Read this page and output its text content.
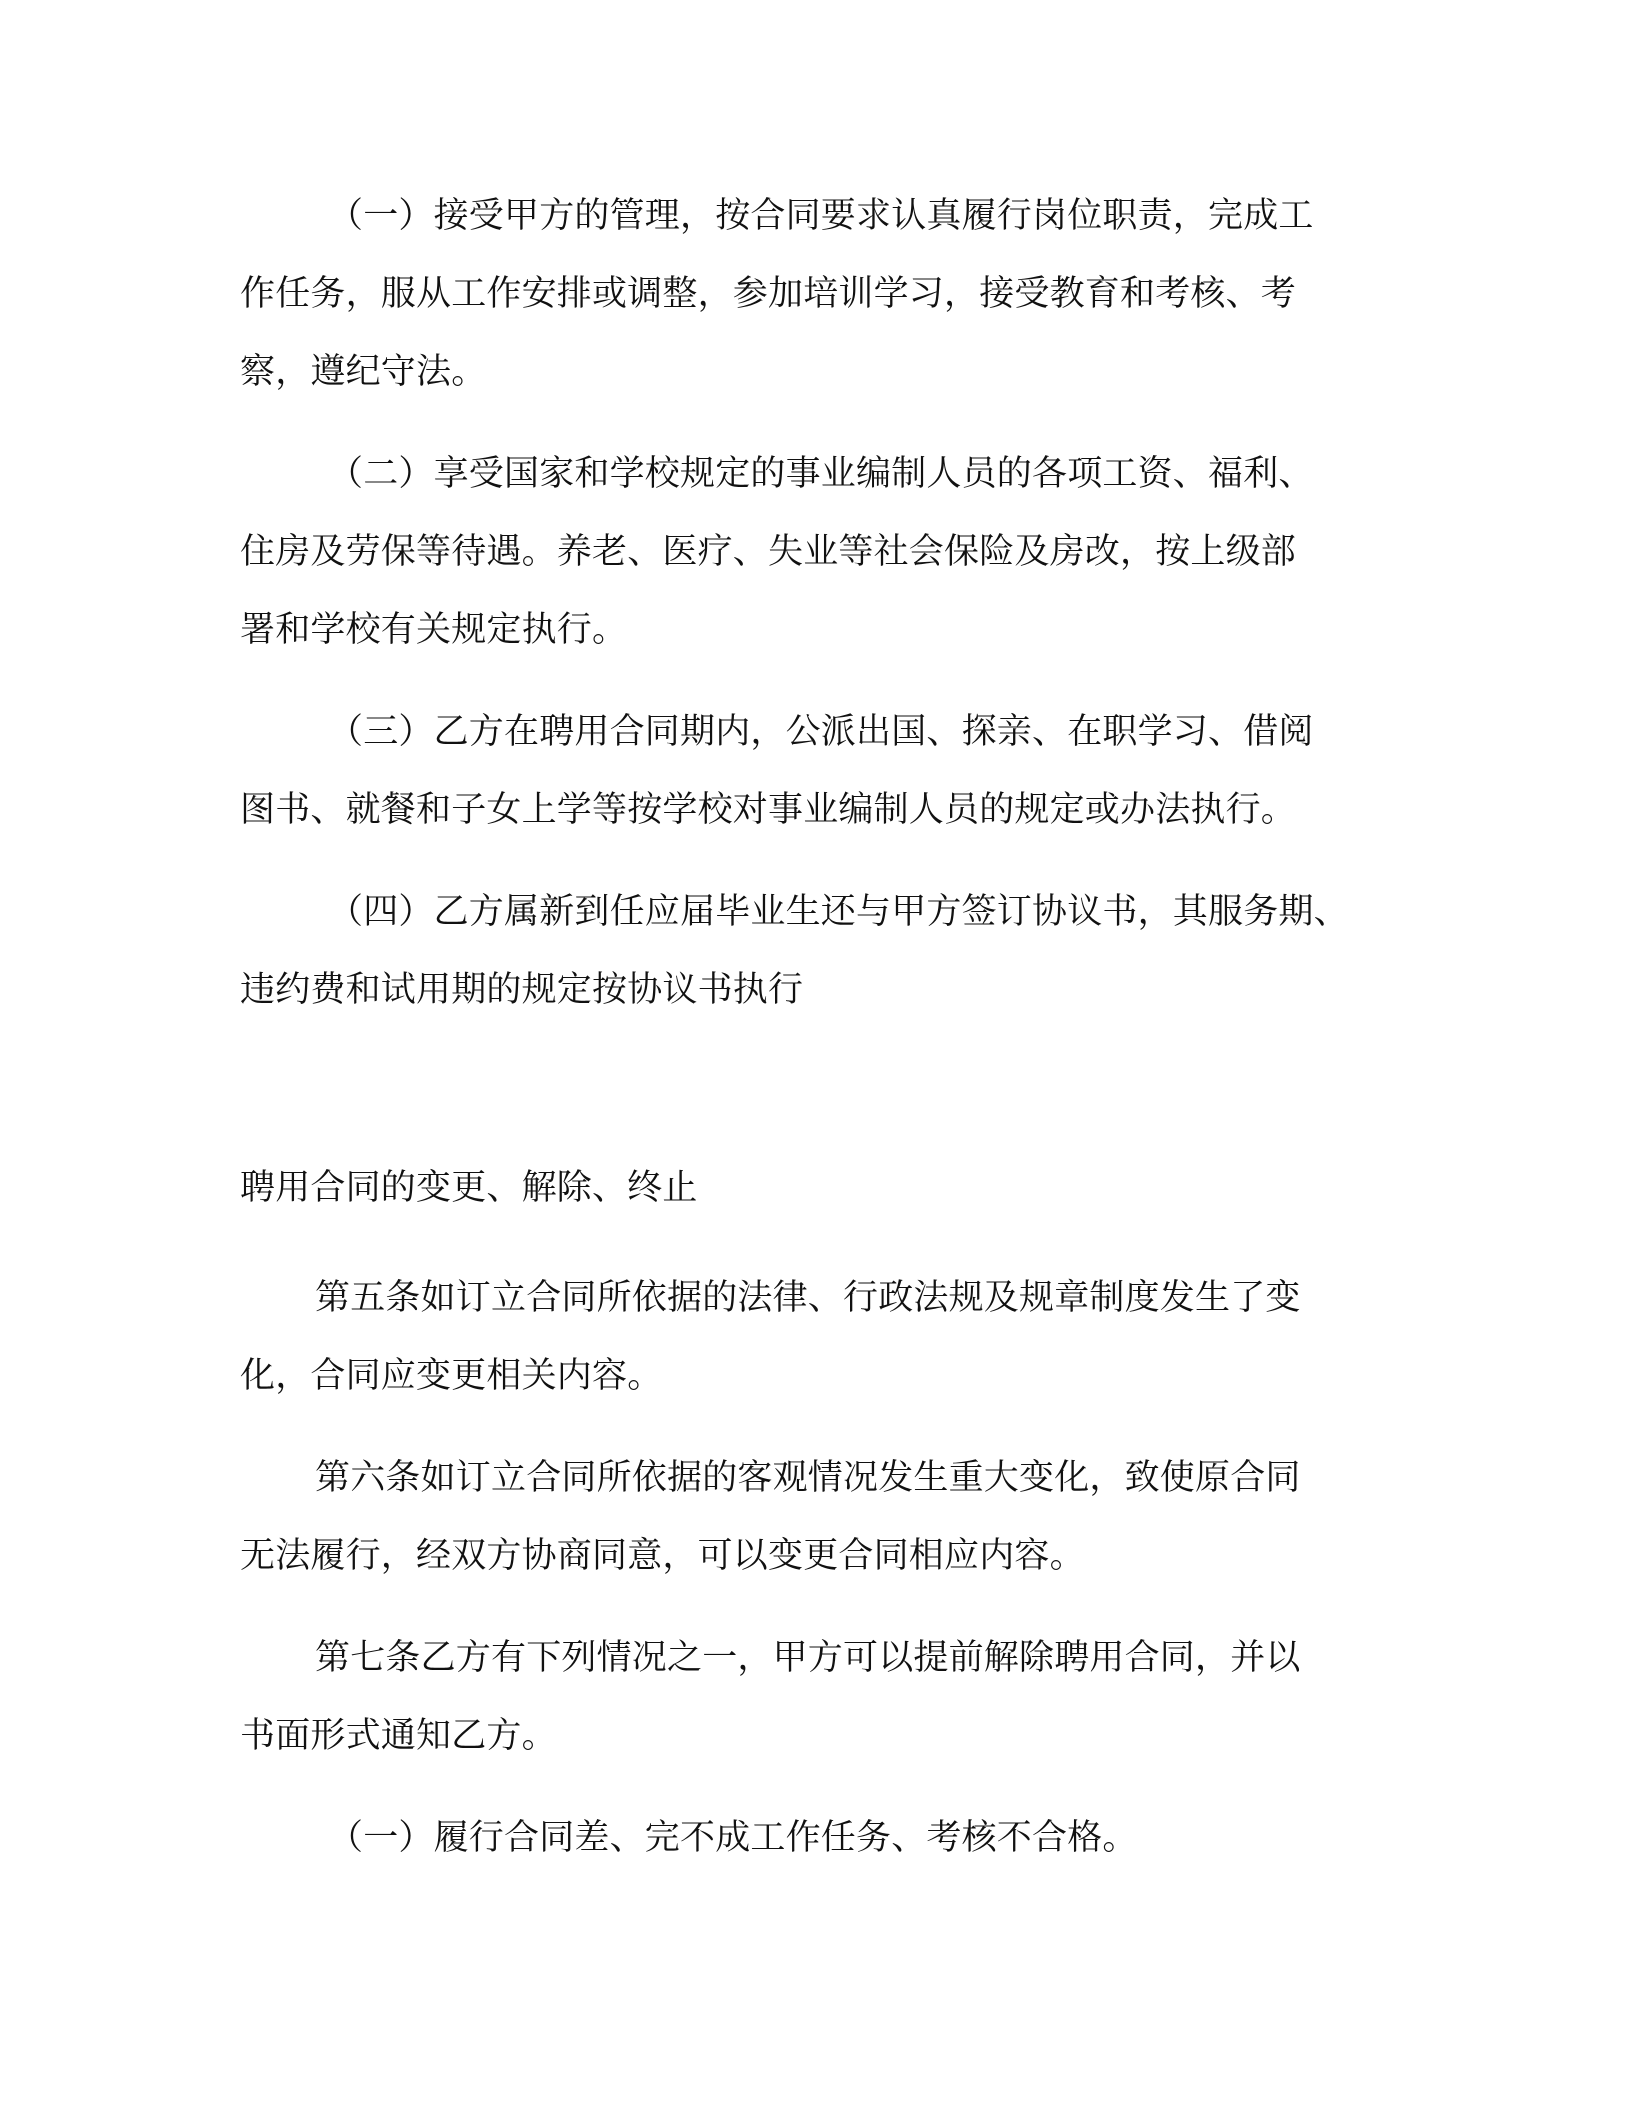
（一）接受甲方的管理，按合同要求认真履行岗位职责，完成工
作任务，服从工作安排或调整，参加培训学习，接受教育和考核、考
察，遵纪守法。
（二）享受国家和学校规定的事业编制人员的各项工资、福利、
住房及劳保等待遇。养老、医疗、失业等社会保险及房改，按上级部
署和学校有关规定执行。
（三）乙方在聘用合同期内，公派出国、探亲、在职学习、借阅
图书、就餐和子女上学等按学校对事业编制人员的规定或办法执行。
（四）乙方属新到任应届毕业生还与甲方签订协议书，其服务期、
违约费和试用期的规定按协议书执行
聘用合同的变更、解除、终止
第五条如订立合同所依据的法律、行政法规及规章制度发生了变
化，合同应变更相关内容。
第六条如订立合同所依据的客观情况发生重大变化，致使原合同
无法履行，经双方协商同意，可以变更合同相应内容。
第七条乙方有下列情况之一，甲方可以提前解除聘用合同，并以
书面形式通知乙方。
（一）履行合同差、完不成工作任务、考核不合格。
